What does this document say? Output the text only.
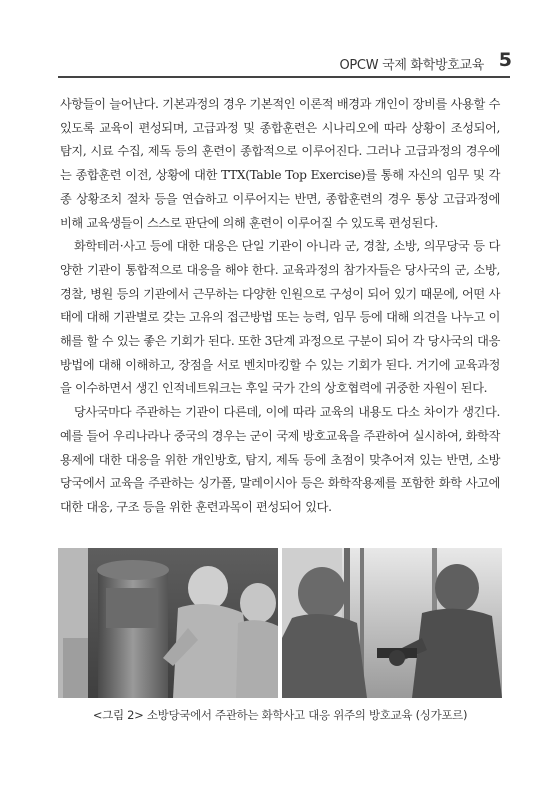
OPCW 국제 화학방호교육 5

사항들이 늘어난다. 기본과정의 경우 기본적인 이론적 배경과 개인이 장비를 사용할 수 있도록 교육이 편성되며, 고급과정 및 종합훈련은 시나리오에 따라 상황이 조성되어, 탐지, 시료 수집, 제독 등의 훈련이 종합적으로 이루어진다. 그러나 고급과정의 경우에는 종합훈련 이전, 상황에 대한 TTX(Table Top Exercise)를 통해 자신의 임무 및 각종 상황조치 절차 등을 연습하고 이루어지는 반면, 종합훈련의 경우 통상 고급과정에 비해 교육생들이 스스로 판단에 의해 훈련이 이루어질 수 있도록 편성된다.

화학테러·사고 등에 대한 대응은 단일 기관이 아니라 군, 경찰, 소방, 의무당국 등 다양한 기관이 통합적으로 대응을 해야 한다. 교육과정의 참가자들은 당사국의 군, 소방, 경찰, 병원 등의 기관에서 근무하는 다양한 인원으로 구성이 되어 있기 때문에, 어떤 사태에 대해 기관별로 갖는 고유의 접근방법 또는 능력, 임무 등에 대해 의견을 나누고 이해를 할 수 있는 좋은 기회가 된다. 또한 3단계 과정으로 구분이 되어 각 당사국의 대응 방법에 대해 이해하고, 장점을 서로 벤치마킹할 수 있는 기회가 된다. 거기에 교육과정을 이수하면서 생긴 인적네트워크는 후일 국가 간의 상호협력에 귀중한 자원이 된다.

당사국마다 주관하는 기관이 다른데, 이에 따라 교육의 내용도 다소 차이가 생긴다. 예를 들어 우리나라나 중국의 경우는 군이 국제 방호교육을 주관하여 실시하여, 화학작용제에 대한 대응을 위한 개인방호, 탐지, 제독 등에 초점이 맞추어져 있는 반면, 소방당국에서 교육을 주관하는 싱가폴, 말레이시아 등은 화학작용제를 포함한 화학 사고에 대한 대응, 구조 등을 위한 훈련과목이 편성되어 있다.

<그림 2> 소방당국에서 주관하는 화학사고 대응 위주의 방호교육 (싱가포르)
